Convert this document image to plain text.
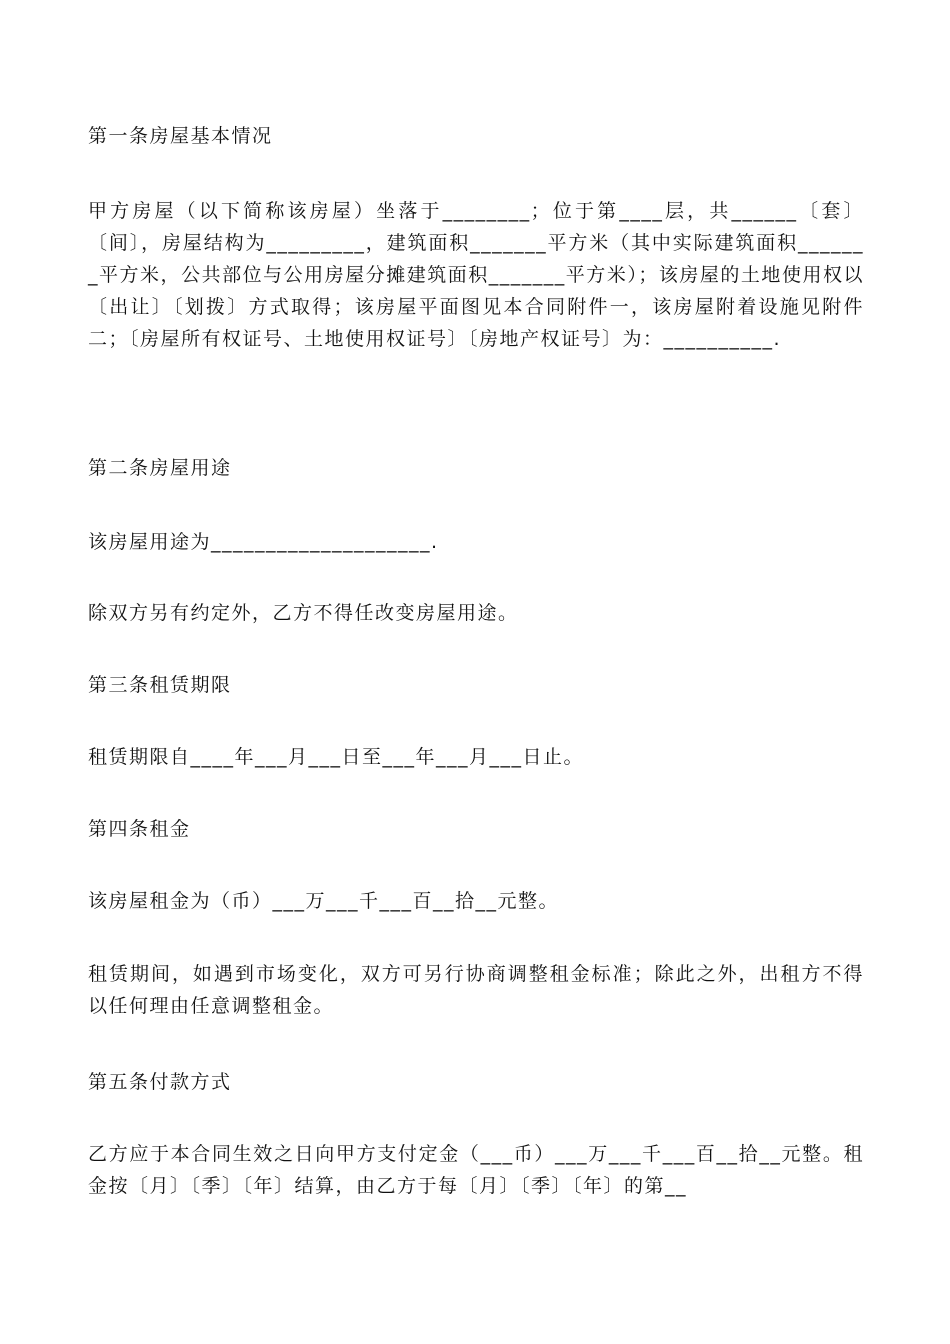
第一条房屋基本情况

甲方房屋（以下简称该房屋）坐落于________；位于第____层，共______〔套〕〔间〕，房屋结构为_________，建筑面积_______平方米（其中实际建筑面积_______平方米，公共部位与公用房屋分摊建筑面积_______平方米）；该房屋的土地使用权以〔出让〕〔划拨〕方式取得；该房屋平面图见本合同附件一，该房屋附着设施见附件二；〔房屋所有权证号、土地使用权证号〕〔房地产权证号〕为：__________.

第二条房屋用途

该房屋用途为____________________.

除双方另有约定外，乙方不得任改变房屋用途。

第三条租赁期限

租赁期限自____年___月___日至___年___月___日止。

第四条租金

该房屋租金为（币）___万___千___百__拾__元整。

租赁期间，如遇到市场变化，双方可另行协商调整租金标准；除此之外，出租方不得以任何理由任意调整租金。

第五条付款方式

乙方应于本合同生效之日向甲方支付定金（___币）___万___千___百__拾__元整。租金按〔月〕〔季〕〔年〕结算，由乙方于每〔月〕〔季〕〔年〕的第__
